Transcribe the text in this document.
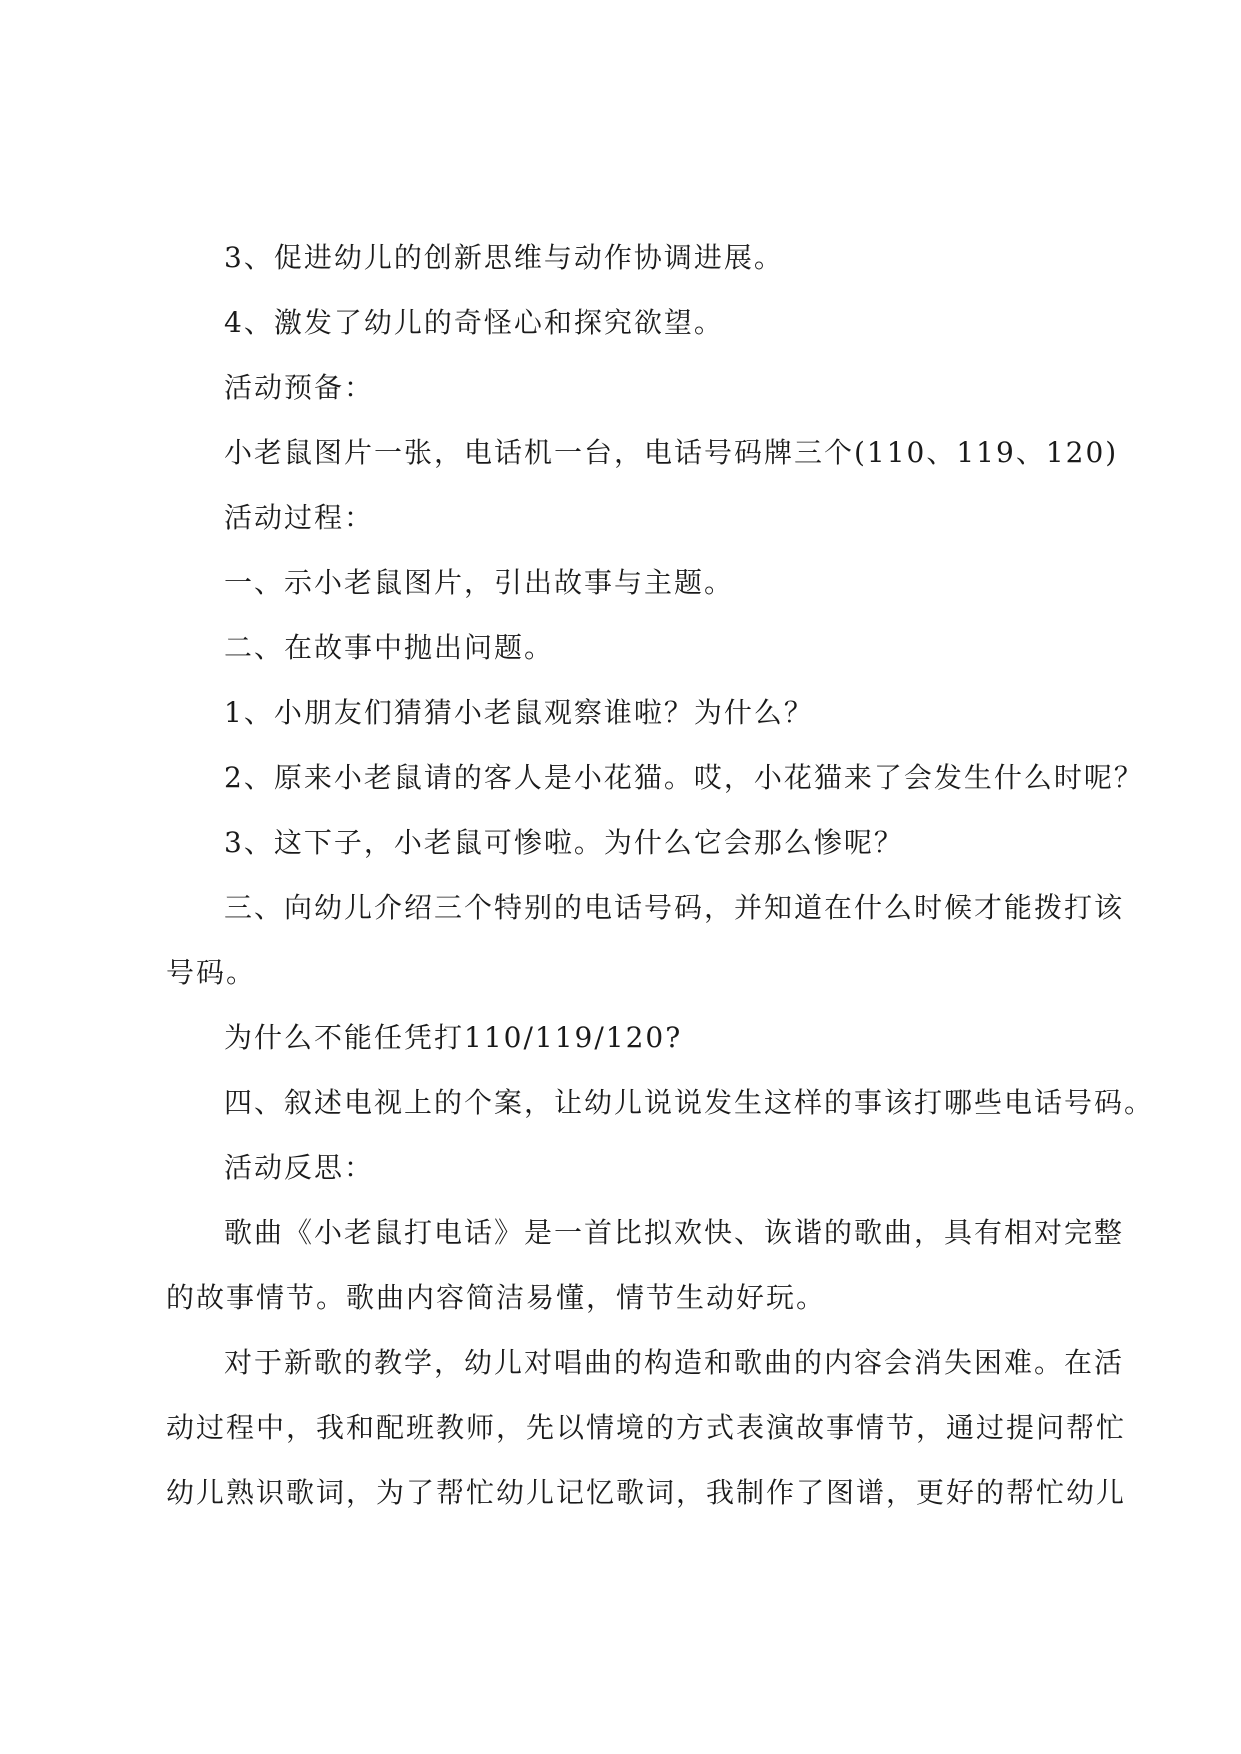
3、促进幼儿的创新思维与动作协调进展。

4、激发了幼儿的奇怪心和探究欲望。

活动预备：

小老鼠图片一张，电话机一台，电话号码牌三个(110、119、120)

活动过程：

一、示小老鼠图片，引出故事与主题。

二、在故事中抛出问题。

1、小朋友们猜猜小老鼠观察谁啦？为什么？

2、原来小老鼠请的客人是小花猫。哎，小花猫来了会发生什么时呢？

3、这下子，小老鼠可惨啦。为什么它会那么惨呢？

三、向幼儿介绍三个特别的电话号码，并知道在什么时候才能拨打该
号码。

为什么不能任凭打110/119/120?

四、叙述电视上的个案，让幼儿说说发生这样的事该打哪些电话号码。

活动反思：

歌曲《小老鼠打电话》是一首比拟欢快、诙谐的歌曲，具有相对完整
的故事情节。歌曲内容简洁易懂，情节生动好玩。

对于新歌的教学，幼儿对唱曲的构造和歌曲的内容会消失困难。在活
动过程中，我和配班教师，先以情境的方式表演故事情节，通过提问帮忙
幼儿熟识歌词，为了帮忙幼儿记忆歌词，我制作了图谱，更好的帮忙幼儿
